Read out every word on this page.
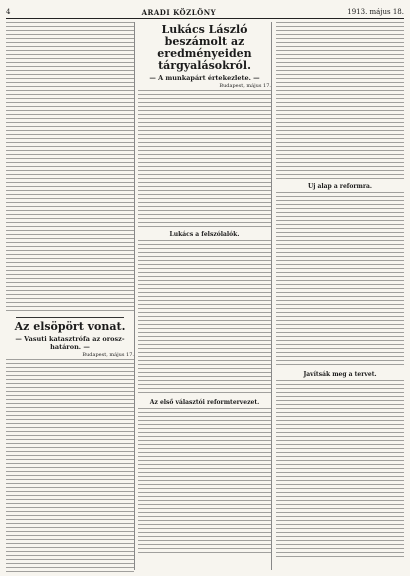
4	ARADI KÖZLÖNY	1913. május 18.
Az elsöpört vonat.
— Vasuti katasztrófa az orosz-határon. —
Budapest, május 17.
Lukács László beszámolt az eredményeiden tárgyalásokról.
— A munkapárt értekezlete. —
Budapest, május 17.
Lukács a felszólalók.
Az első választói reformtervezet.
Uj alap a reformra.
Javítsák meg a tervet.
